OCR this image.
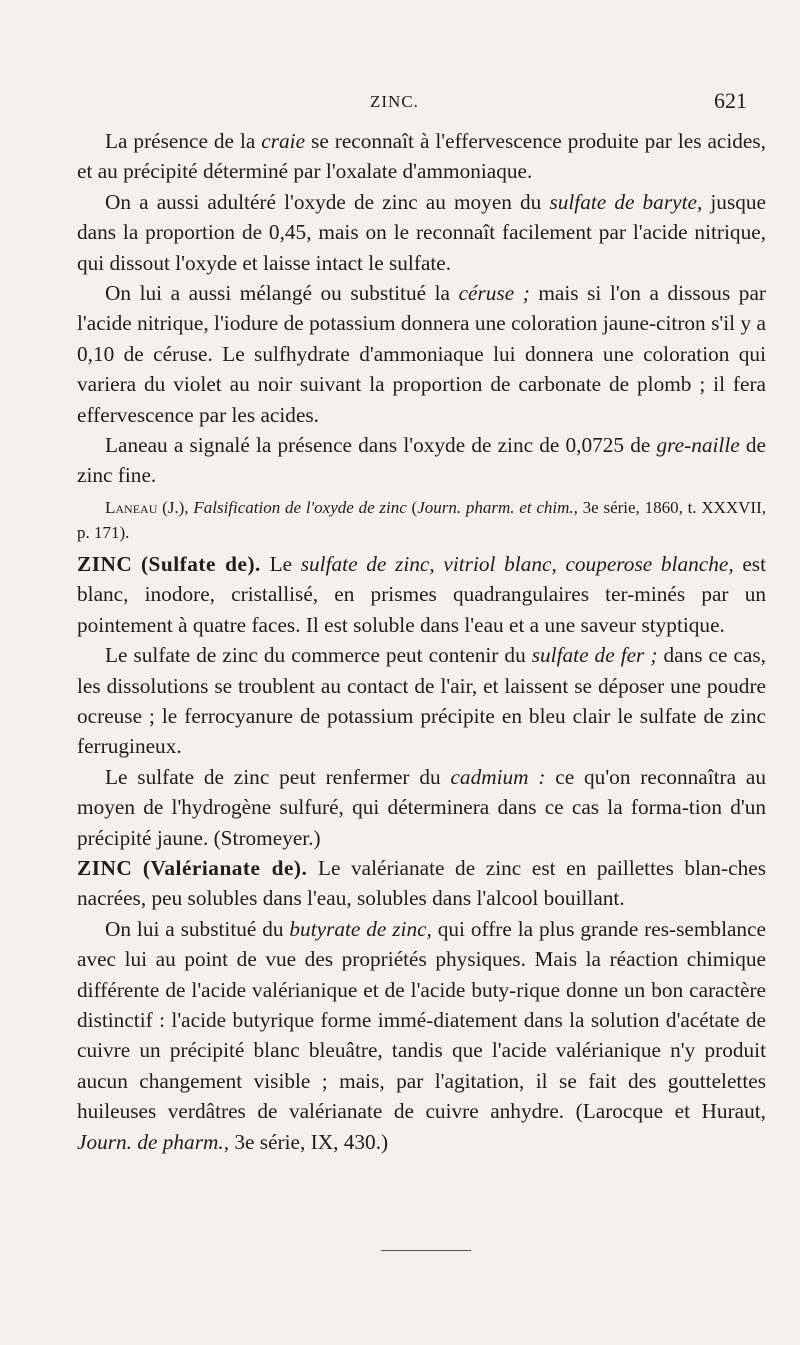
ZINC.	621

La présence de la craie se reconnaît à l'effervescence produite par les acides, et au précipité déterminé par l'oxalate d'ammoniaque.

On a aussi adultéré l'oxyde de zinc au moyen du sulfate de baryte, jusque dans la proportion de 0,45, mais on le reconnaît facilement par l'acide nitrique, qui dissout l'oxyde et laisse intact le sulfate.

On lui a aussi mélangé ou substitué la céruse ; mais si l'on a dissous par l'acide nitrique, l'iodure de potassium donnera une coloration jaune-citron s'il y a 0,10 de céruse. Le sulfhydrate d'ammoniaque lui donnera une coloration qui variera du violet au noir suivant la proportion de carbonate de plomb ; il fera effervescence par les acides.

Laneau a signalé la présence dans l'oxyde de zinc de 0,0725 de gre-naille de zinc fine.

Laneau (J.), Falsification de l'oxyde de zinc (Journ. pharm. et chim., 3e série, 1860, t. XXXVII, p. 171).

ZINC (Sulfate de). Le sulfate de zinc, vitriol blanc, couperose blanche, est blanc, inodore, cristallisé, en prismes quadrangulaires ter-minés par un pointement à quatre faces. Il est soluble dans l'eau et a une saveur styptique.

Le sulfate de zinc du commerce peut contenir du sulfate de fer ; dans ce cas, les dissolutions se troublent au contact de l'air, et laissent se déposer une poudre ocreuse ; le ferrocyanure de potassium précipite en bleu clair le sulfate de zinc ferrugineux.

Le sulfate de zinc peut renfermer du cadmium : ce qu'on reconnaîtra au moyen de l'hydrogène sulfuré, qui déterminera dans ce cas la forma-tion d'un précipité jaune. (Stromeyer.)

ZINC (Valérianate de). Le valérianate de zinc est en paillettes blan-ches nacrées, peu solubles dans l'eau, solubles dans l'alcool bouillant.

On lui a substitué du butyrate de zinc, qui offre la plus grande res-semblance avec lui au point de vue des propriétés physiques. Mais la réaction chimique différente de l'acide valérianique et de l'acide buty-rique donne un bon caractère distinctif : l'acide butyrique forme immé-diatement dans la solution d'acétate de cuivre un précipité blanc bleuâtre, tandis que l'acide valérianique n'y produit aucun changement visible ; mais, par l'agitation, il se fait des gouttelettes huileuses verdâtres de valérianate de cuivre anhydre. (Larocque et Huraut, Journ. de pharm., 3e série, IX, 430.)
